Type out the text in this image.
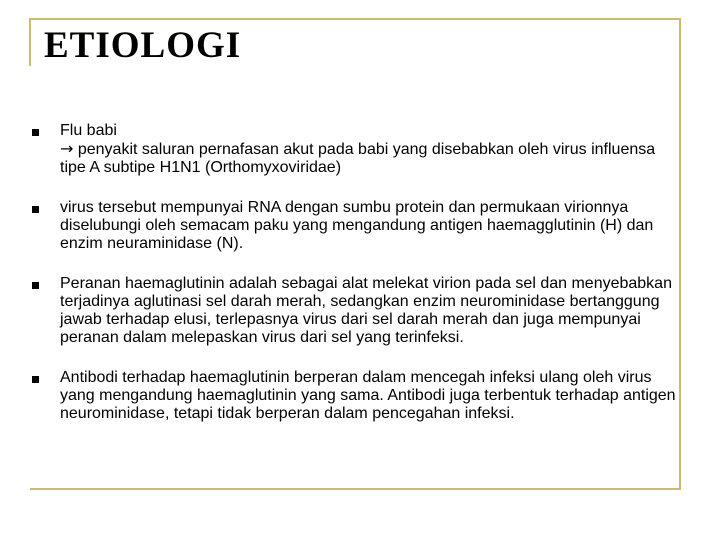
ETIOLOGI
Flu babi
→ penyakit saluran pernafasan akut pada babi yang disebabkan oleh virus influensa tipe A subtipe H1N1 (Orthomyxoviridae)
virus tersebut mempunyai RNA dengan sumbu protein dan permukaan virionnya diselubungi oleh semacam paku yang mengandung antigen haemagglutinin (H) dan enzim neuraminidase (N).
Peranan haemaglutinin adalah sebagai alat melekat virion pada sel dan menyebabkan terjadinya aglutinasi sel darah merah, sedangkan enzim neurominidase bertanggung jawab terhadap elusi, terlepasnya virus dari sel darah merah dan juga mempunyai peranan dalam melepaskan virus dari sel yang terinfeksi.
Antibodi terhadap haemaglutinin berperan dalam mencegah infeksi ulang oleh virus yang mengandung haemaglutinin yang sama. Antibodi juga terbentuk terhadap antigen neurominidase, tetapi tidak berperan dalam pencegahan infeksi.
